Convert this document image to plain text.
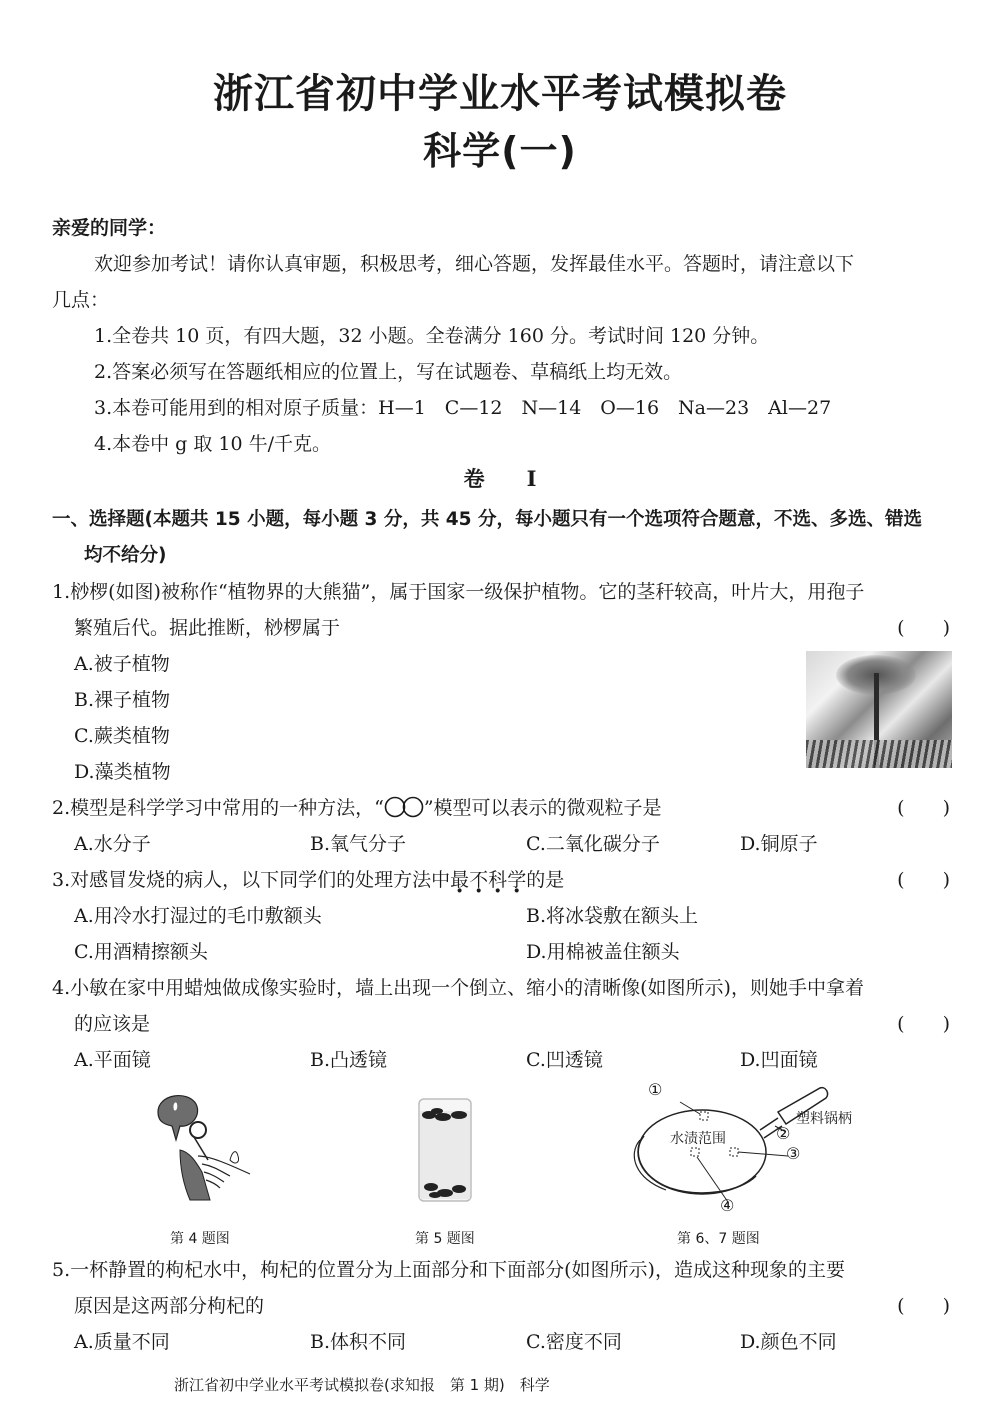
浙江省初中学业水平考试模拟卷
科学(一)
亲爱的同学：
欢迎参加考试！请你认真审题，积极思考，细心答题，发挥最佳水平。答题时，请注意以下
几点：
1.全卷共 10 页，有四大题，32 小题。全卷满分 160 分。考试时间 120 分钟。
2.答案必须写在答题纸相应的位置上，写在试题卷、草稿纸上均无效。
3.本卷可能用到的相对原子质量：H—1　C—12　N—14　O—16　Na—23　Al—27
4.本卷中 g 取 10 牛/千克。
卷　　Ⅰ
一、选择题(本题共 15 小题，每小题 3 分，共 45 分，每小题只有一个选项符合题意，不选、多选、错选
均不给分)
1.桫椤(如图)被称作“植物界的大熊猫”，属于国家一级保护植物。它的茎秆较高，叶片大，用孢子
繁殖后代。据此推断，桫椤属于	(　　)
A.被子植物
B.裸子植物
C.蕨类植物
D.藻类植物
2.模型是科学学习中常用的一种方法，“ ”模型可以表示的微观粒子是	(　　)
A.水分子	B.氧气分子	C.二氧化碳分子	D.铜原子
3.对感冒发烧的病人，以下同学们的处理方法中最不科学的是	(　　)
A.用冷水打湿过的毛巾敷额头	B.将冰袋敷在额头上
C.用酒精擦额头	D.用棉被盖住额头
4.小敏在家中用蜡烛做成像实验时，墙上出现一个倒立、缩小的清晰像(如图所示)，则她手中拿着
的应该是	(　　)
A.平面镜	B.凸透镜	C.凹透镜	D.凹面镜
第 4 题图	第 5 题图
①
②
③
④
水渍范围
塑料锅柄
第 6、7 题图
5.一杯静置的枸杞水中，枸杞的位置分为上面部分和下面部分(如图所示)，造成这种现象的主要
原因是这两部分枸杞的	(　　)
A.质量不同	B.体积不同	C.密度不同	D.颜色不同
浙江省初中学业水平考试模拟卷(求知报　第 1 期)　科学
